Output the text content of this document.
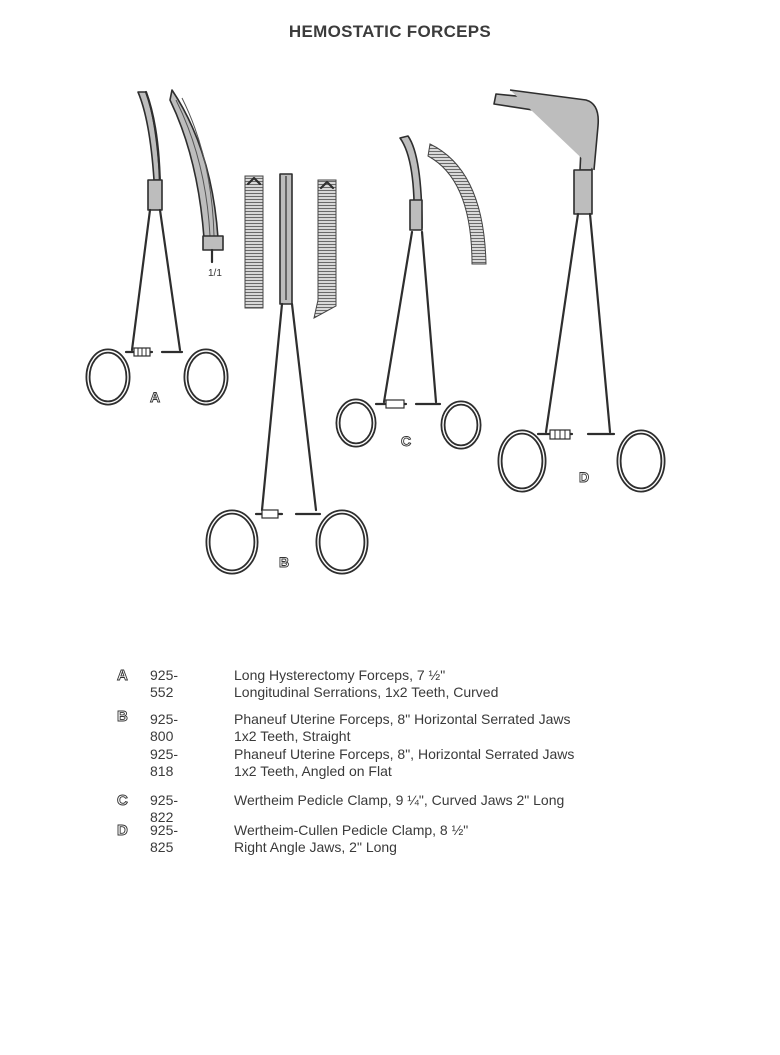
HEMOSTATIC FORCEPS
A
1/1
B
C
D
A	925-552
Long Hysterectomy Forceps, 7 ½"
Longitudinal Serrations, 1x2 Teeth, Curved
B	925-800
Phaneuf Uterine Forceps, 8" Horizontal Serrated Jaws
1x2 Teeth, Straight
925-818
Phaneuf Uterine Forceps, 8", Horizontal Serrated Jaws
1x2 Teeth, Angled on Flat
C	925-822
Wertheim Pedicle Clamp, 9 ¼", Curved Jaws 2" Long
D	925-825
Wertheim-Cullen Pedicle Clamp, 8 ½"
Right Angle Jaws, 2" Long
